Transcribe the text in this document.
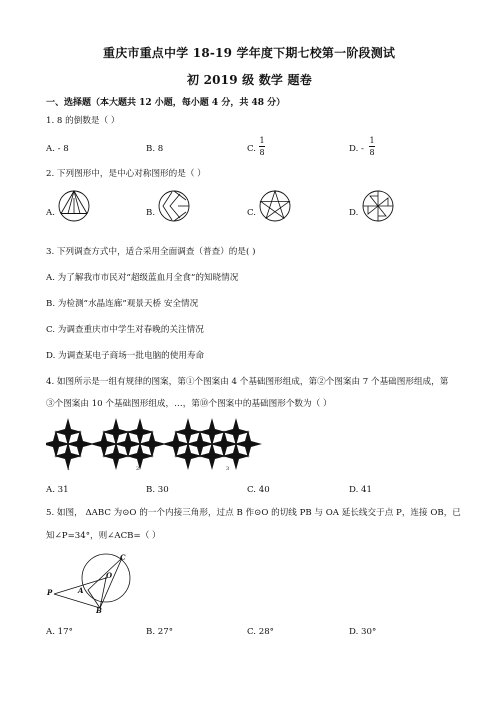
重庆市重点中学 18-19 学年度下期七校第一阶段测试
初 2019 级 数学 题卷
一、选择题（本大题共 12 小题，每小题 4 分，共 48 分）
1. 8 的倒数是（ ）
A. - 8	B. 8	C.
1
8	D. -
1
8
2. 下列图形中，是中心对称图形的是（ ）
A.	B.	C.	D.
3. 下列调查方式中，适合采用全面调查（普查）的是( )
A. 为了解我市市民对“超级蓝血月全食”的知晓情况
B. 为检测“水晶连廊”观景天桥 安全情况
C. 为调查重庆市中学生对春晚的关注情况
D. 为调查某电子商场一批电脑的使用寿命
4. 如图所示是一组有规律的图案，第①个图案由 4 个基础图形组成，第②个图案由 7 个基础图形组成，第
③个图案由 10 个基础图形组成，…，第⑩个图案中的基础图形个数为（ ）
1	2	3
A. 31	B. 30	C. 40	D. 41
5. 如图， ΔABC 为⊙O 的一个内接三角形，过点 B 作⊙O 的切线 PB 与 OA 延长线交于点 P，连接 OB，已
知∠P=34°，则∠ACB=（ ）
C
O
P	A
B
A. 17°	B. 27°	C. 28°	D. 30°
